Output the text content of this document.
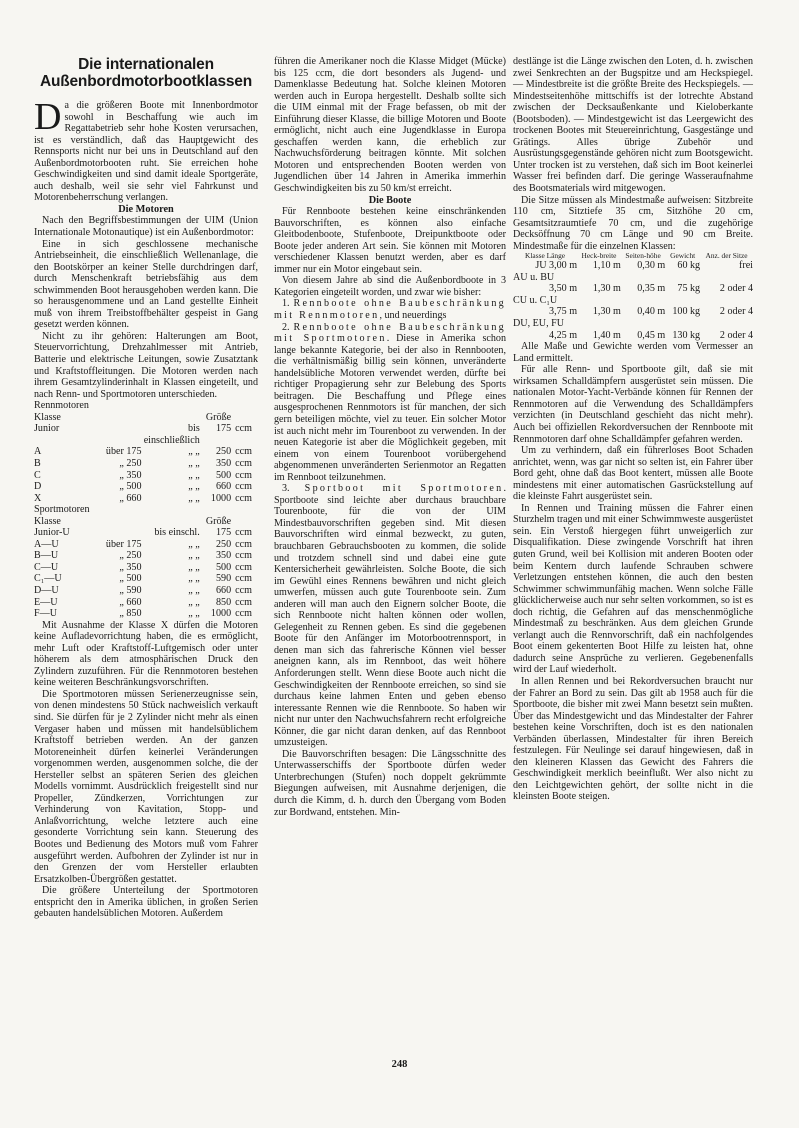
Die internationalen Außenbordmotorbootklassen

Da die größeren Boote mit Innenbordmotor sowohl in Beschaffung wie auch im Regattabetrieb sehr hohe Kosten verursachen, ist es verständlich, daß das Hauptgewicht des Rennsports nicht nur bei uns in Deutschland auf den Außenbordmotorbooten ruht. Sie erreichen hohe Geschwindigkeiten und sind damit ideale Sportgeräte, auch deshalb, weil sie sehr viel Fahrkunst und Motorenbeherrschung verlangen.

Die Motoren

Nach den Begriffsbestimmungen der UIM (Union Internationale Motonautique) ist ein Außenbordmotor:

Eine in sich geschlossene mechanische Antriebseinheit, die einschließlich Wellenanlage, die den Bootskörper an keiner Stelle durchdringen darf, durch Menschenkraft betriebsfähig aus dem schwimmenden Boot herausgehoben werden kann. Die so herausgenommene und an Land gestellte Einheit muß von ihrem Treibstoffbehälter gespeist in Gang gesetzt werden können.

Nicht zu ihr gehören: Halterungen am Boot, Steuervorrichtung, Drehzahlmesser mit Antrieb, Batterie und elektrische Leitungen, sowie Zusatztank und Kraftstoffleitungen. Die Motoren werden nach ihrem Gesamtzylinderinhalt in Klassen eingeteilt, und nach Renn- und Sportmotoren unterschieden.

Rennmotoren

Klasse			Größe	
Junior		bis einschließlich	175	ccm
A	über 175	„ „	250	ccm
B	„ 250	„ „	350	ccm
C	„ 350	„ „	500	ccm
D	„ 500	„ „	660	ccm
X	„ 660	„ „	1000	ccm

Sportmotoren

Klasse			Größe	
Junior-U		bis einschl.	175	ccm
A—U	über 175	„ „	250	ccm
B—U	„ 250	„ „	350	ccm
C—U	„ 350	„ „	500	ccm
C₁—U	„ 500	„ „	590	ccm
D—U	„ 590	„ „	660	ccm
E—U	„ 660	„ „	850	ccm
F—U	„ 850	„ „	1000	ccm

Mit Ausnahme der Klasse X dürfen die Motoren keine Aufladevorrichtung haben, die es ermöglicht, mehr Luft oder Kraftstoff-Luftgemisch oder unter höherem als dem atmosphärischen Druck den Zylindern zuzuführen. Für die Rennmotoren bestehen keine weiteren Beschränkungsvorschriften.

Die Sportmotoren müssen Serienerzeugnisse sein, von denen mindestens 50 Stück nachweislich verkauft sind. Sie dürfen für je 2 Zylinder nicht mehr als einen Vergaser haben und müssen mit handelsüblichem Kraftstoff betrieben werden. An der ganzen Motoreneinheit dürfen keinerlei Veränderungen vorgenommen werden, ausgenommen solche, die der Hersteller selbst an späteren Serien des gleichen Modells vornimmt. Ausdrücklich freigestellt sind nur Propeller, Zündkerzen, Vorrichtungen zur Verhinderung von Kavitation, Stopp- und Anlaßvorrichtung, welche letztere auch eine gesonderte Vorrichtung sein kann. Steuerung des Bootes und Bedienung des Motors muß vom Fahrer ausgeführt werden. Aufbohren der Zylinder ist nur in den Grenzen der vom Hersteller erlaubten Ersatzkolben-Übergrößen gestattet.

Die größere Unterteilung der Sportmotoren entspricht den in Amerika üblichen, in großen Serien gebauten handelsüblichen Motoren. Außerdem

führen die Amerikaner noch die Klasse Midget (Mücke) bis 125 ccm, die dort besonders als Jugend- und Damenklasse Bedeutung hat. Solche kleinen Motoren werden auch in Europa hergestellt. Deshalb sollte sich die UIM einmal mit der Frage befassen, ob mit der Einführung dieser Klasse, die billige Motoren und Boote ermöglicht, nicht auch eine Jugendklasse in Europa geschaffen werden kann, die erheblich zur Nachwuchsförderung beitragen könnte. Mit solchen Motoren und entsprechenden Booten werden von Jugendlichen über 14 Jahren in Amerika immerhin Geschwindigkeiten bis zu 50 km/st erreicht.

Die Boote

Für Rennboote bestehen keine einschränkenden Bauvorschriften, es können also einfache Gleitbodenboote, Stufenboote, Dreipunktboote oder Boote jeder anderen Art sein. Sie können mit Motoren verschiedener Klassen benutzt werden, aber es darf immer nur ein Motor eingebaut sein.

Von diesem Jahre ab sind die Außenbordboote in 3 Kategorien eingeteilt worden, und zwar wie bisher:

1. Rennboote ohne Baubeschränkung mit Rennmotoren, und neuerdings

2. Rennboote ohne Baubeschränkung mit Sportmotoren. Diese in Amerika schon lange bekannte Kategorie, bei der also in Rennbooten, die verhältnismäßig billig sein können, unveränderte handelsübliche Motoren verwendet werden, dürfte bei richtiger Propagierung sehr zur Belebung des Sports beitragen. Die Beschaffung und Pflege eines ausgesprochenen Rennmotors ist für manchen, der sich gern beteiligen möchte, viel zu teuer. Ein solcher Motor ist auch nicht mehr im Tourenboot zu verwenden. In der neuen Kategorie ist aber die Möglichkeit gegeben, mit einem von einem Tourenboot vorübergehend abgenommenen unveränderten Serienmotor an Regatten im Rennboot teilzunehmen.

3. Sportboot mit Sportmotoren. Sportboote sind leichte aber durchaus brauchbare Tourenboote, für die von der UIM Mindestbauvorschriften gegeben sind. Mit diesen Bauvorschriften wird einmal bezweckt, zu guten, brauchbaren Gebrauchsbooten zu kommen, die solide und trotzdem schnell sind und dabei eine gute Kentersicherheit gewährleisten. Solche Boote, die sich im Gewühl eines Rennens bewähren und nicht gleich umwerfen, müssen auch gute Tourenboote sein. Zum anderen will man auch den Eignern solcher Boote, die sich Rennboote nicht halten können oder wollen, Gelegenheit zu Rennen geben. Es sind die gegebenen Boote für den Anfänger im Motorbootrennsport, in denen man sich das fahrerische Können viel besser aneignen kann, als im Rennboot, das weit höhere Anforderungen stellt. Wenn diese Boote auch nicht die Geschwindigkeiten der Rennboote erreichen, so sind sie durchaus keine lahmen Enten und geben ebenso interessante Rennen wie die Rennboote. So haben wir nicht nur unter den Nachwuchsfahrern recht erfolgreiche Könner, die gar nicht daran denken, auf das Rennboot umzusteigen.

Die Bauvorschriften besagen: Die Längsschnitte des Unterwasserschiffs der Sportboote dürfen weder Unterbrechungen (Stufen) noch doppelt gekrümmte Biegungen aufweisen, mit Ausnahme derjenigen, die durch die Kimm, d. h. durch den Übergang vom Boden zur Bordwand, entstehen. Min-

destlänge ist die Länge zwischen den Loten, d. h. zwischen zwei Senkrechten an der Bugspitze und am Heckspiegel. — Mindestbreite ist die größte Breite des Heckspiegels. — Mindestseitenhöhe mittschiffs ist der lotrechte Abstand zwischen der Decksaußenkante und Kieloberkante (Bootsboden). — Mindestgewicht ist das Leergewicht des trockenen Bootes mit Steuereinrichtung, Gasgestänge und Grätings. Alles übrige Zubehör und Ausrüstungsgegenstände gehören nicht zum Bootsgewicht. Unter trocken ist zu verstehen, daß sich im Boot keinerlei Wasser frei befinden darf. Die geringe Wasseraufnahme des Bootsmaterials wird mitgewogen.

Die Sitze müssen als Mindestmaße aufweisen: Sitzbreite 110 cm, Sitztiefe 35 cm, Sitzhöhe 20 cm, Gesamtsitzraumtiefe 70 cm, und die zugehörige Decksöffnung 70 cm Länge und 90 cm Breite. Mindestmaße für die einzelnen Klassen:

Klasse Länge	Heck-breite	Seiten-höhe	Gewicht	Anz. der Sitze
JU 3,00 m	1,10 m	0,30 m	60 kg	frei
AU u. BU				
3,50 m	1,30 m	0,35 m	75 kg	2 oder 4
CU u. C₁U				
3,75 m	1,30 m	0,40 m	100 kg	2 oder 4
DU, EU, FU				
4,25 m	1,40 m	0,45 m	130 kg	2 oder 4

Alle Maße und Gewichte werden vom Vermesser an Land ermittelt.

Für alle Renn- und Sportboote gilt, daß sie mit wirksamen Schalldämpfern ausgerüstet sein müssen. Die nationalen Motor-Yacht-Verbände können für Rennen der Rennmotoren auf die Verwendung des Schalldämpfers verzichten (in Deutschland geschieht das nicht mehr). Auch bei offiziellen Rekordversuchen der Rennboote mit Rennmotoren darf ohne Schalldämpfer gefahren werden.

Um zu verhindern, daß ein führerloses Boot Schaden anrichtet, wenn, was gar nicht so selten ist, ein Fahrer über Bord geht, ohne daß das Boot kentert, müssen alle Boote mindestens mit einer automatischen Gasrückstellung auf die kleinste Fahrt ausgerüstet sein.

In Rennen und Training müssen die Fahrer einen Sturzhelm tragen und mit einer Schwimmweste ausgerüstet sein. Ein Verstoß hiergegen führt unweigerlich zur Disqualifikation. Diese zwingende Vorschrift hat ihren guten Grund, weil bei Kollision mit anderen Booten oder beim Kentern durch laufende Schrauben schwere Verletzungen entstehen können, die auch den besten Schwimmer schwimmunfähig machen. Wenn solche Fälle glücklicherweise auch nur sehr selten vorkommen, so ist es doch richtig, die Gefahren auf das menschenmögliche Mindestmaß zu beschränken. Aus dem gleichen Grunde verlangt auch die Rennvorschrift, daß ein nachfolgendes Boot einem gekenterten Boot Hilfe zu leisten hat, ohne dadurch seine Ansprüche zu verlieren. Gegebenenfalls wird der Lauf wiederholt.

In allen Rennen und bei Rekordversuchen braucht nur der Fahrer an Bord zu sein. Das gilt ab 1958 auch für die Sportboote, die bisher mit zwei Mann besetzt sein mußten. Über das Mindestgewicht und das Mindestalter der Fahrer bestehen keine Vorschriften, doch ist es den nationalen Verbänden überlassen, Mindestalter für ihren Bereich festzulegen. Für Neulinge sei darauf hingewiesen, daß in den kleineren Klassen das Gewicht des Fahrers die Geschwindigkeit merklich beeinflußt. Wer also nicht zu den Leichtgewichten gehört, der sollte nicht in die kleinsten Boote steigen.

248
